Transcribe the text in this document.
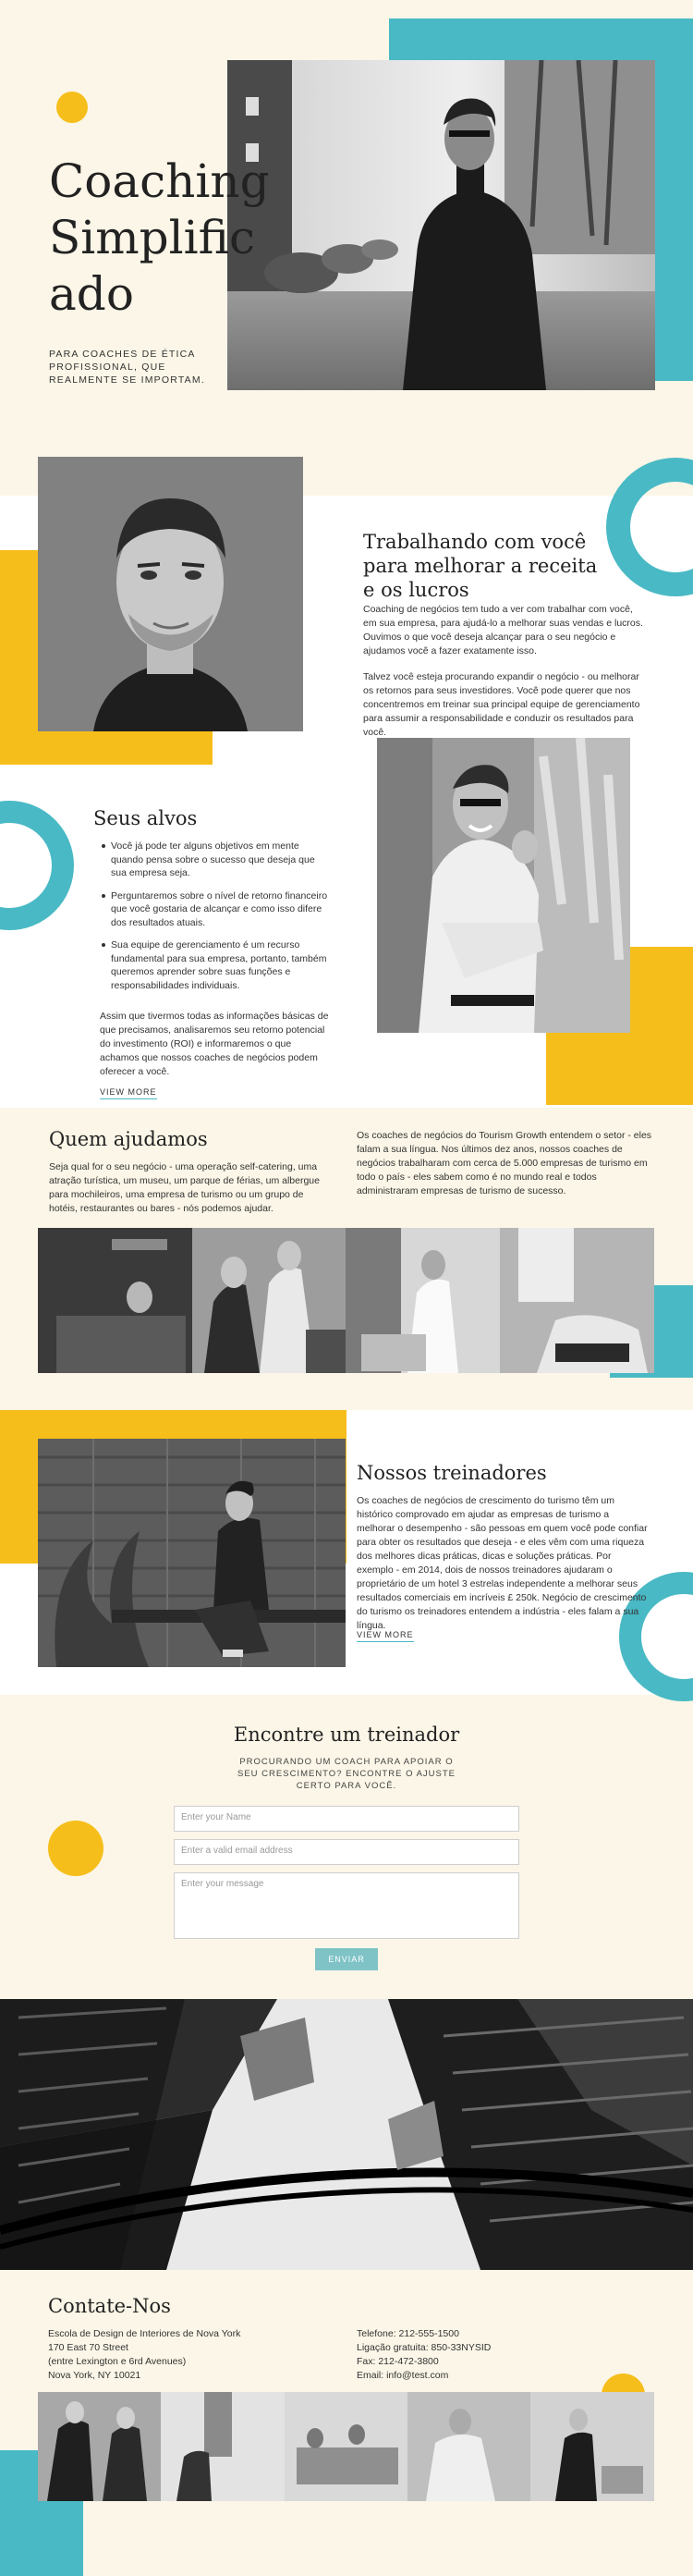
Coaching
Simplific
ado
PARA COACHES DE ÉTICA PROFISSIONAL, QUE REALMENTE SE IMPORTAM.
Trabalhando com você
para melhorar a receita
e os lucros
Coaching de negócios tem tudo a ver com trabalhar com você, em sua empresa, para ajudá-lo a melhorar suas vendas e lucros. Ouvimos o que você deseja alcançar para o seu negócio e ajudamos você a fazer exatamente isso.
Talvez você esteja procurando expandir o negócio - ou melhorar os retornos para seus investidores. Você pode querer que nos concentremos em treinar sua principal equipe de gerenciamento para assumir a responsabilidade e conduzir os resultados para você.
Seus alvos
Você já pode ter alguns objetivos em mente quando pensa sobre o sucesso que deseja que sua empresa seja.
Perguntaremos sobre o nível de retorno financeiro que você gostaria de alcançar e como isso difere dos resultados atuais.
Sua equipe de gerenciamento é um recurso fundamental para sua empresa, portanto, também queremos aprender sobre suas funções e responsabilidades individuais.
Assim que tivermos todas as informações básicas de que precisamos, analisaremos seu retorno potencial do investimento (ROI) e informaremos o que achamos que nossos coaches de negócios podem oferecer a você.
VIEW MORE
Quem ajudamos
Seja qual for o seu negócio - uma operação self-catering, uma atração turística, um museu, um parque de férias, um albergue para mochileiros, uma empresa de turismo ou um grupo de hotéis, restaurantes ou bares - nós podemos ajudar.
Os coaches de negócios do Tourism Growth entendem o setor - eles falam a sua língua. Nos últimos dez anos, nossos coaches de negócios trabalharam com cerca de 5.000 empresas de turismo em todo o país - eles sabem como é no mundo real e todos administraram empresas de turismo de sucesso.
Nossos treinadores
Os coaches de negócios de crescimento do turismo têm um histórico comprovado em ajudar as empresas de turismo a melhorar o desempenho - são pessoas em quem você pode confiar para obter os resultados que deseja - e eles vêm com uma riqueza dos melhores dicas práticas, dicas e soluções práticas. Por exemplo - em 2014, dois de nossos treinadores ajudaram o proprietário de um hotel 3 estrelas independente a melhorar seus resultados comerciais em incríveis £ 250k. Negócio de crescimento do turismo os treinadores entendem a indústria - eles falam a sua língua.
VIEW MORE
Encontre um treinador
PROCURANDO UM COACH PARA APOIAR O SEU CRESCIMENTO? ENCONTRE O AJUSTE CERTO PARA VOCÊ.
Enter your Name
Enter a valid email address
Enter your message
ENVIAR
Contate-Nos
Escola de Design de Interiores de Nova York
170 East 70 Street
(entre Lexington e 6rd Avenues)
Nova York, NY 10021
Telefone: 212-555-1500
Ligação gratuita: 850-33NYSID
Fax: 212-472-3800
Email: info@test.com
